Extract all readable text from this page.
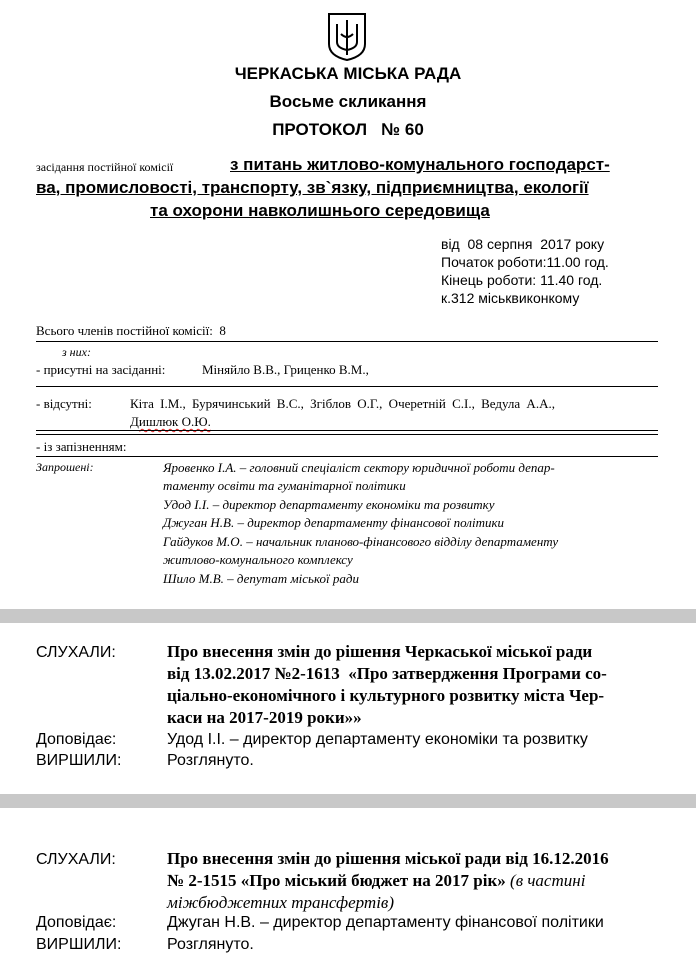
ЧЕРКАСЬКА МІСЬКА РАДА
Восьме скликання
ПРОТОКОЛ   № 60
засідання постійної комісії	з питань житлово-комунального господарст-
ва, промисловості, транспорту, зв`язку, підприємництва, екології
та охорони навколишнього середовища
від  08 серпня  2017 року
Початок роботи:11.00 год.
Кінець роботи: 11.40 год.
к.312 міськвиконкому
Всього членів постійної комісії:  8
з них:
- присутні на засіданні:	Міняйло В.В., Гриценко В.М.,
- відсутні:	Кіта І.М., Бурячинський В.С., Згіблов О.Г., Очеретній С.І., Ведула А.А.,
Дишлюк О.Ю.
- із запізненням:
Запрошені:	Яровенко І.А. – головний спеціаліст сектору юридичної роботи депар-
таменту освіти та гуманітарної політики
Удод І.І. – директор департаменту економіки та розвитку
Джуган Н.В. – директор департаменту фінансової політики
Гайдуков М.О. – начальник планово-фінансового відділу департаменту
житлово-комунального комплексу
Шило М.В. – депутат міської ради
СЛУХАЛИ:	Про внесення змін до рішення Черкаської міської ради
від 13.02.2017 №2-1613  «Про затвердження Програми со-
ціально-економічного і культурного розвитку міста Чер-
каси на 2017-2019 роки»»
Доповідає:	Удод І.І. – директор департаменту економіки та розвитку
ВИРШИЛИ:	Розглянуто.
СЛУХАЛИ:	Про внесення змін до рішення міської ради від 16.12.2016
№ 2-1515 «Про міський бюджет на 2017 рік» (в частині
міжбюджетних трансфертів)
Доповідає:	Джуган Н.В. – директор департаменту фінансової політики
ВИРШИЛИ:	Розглянуто.
